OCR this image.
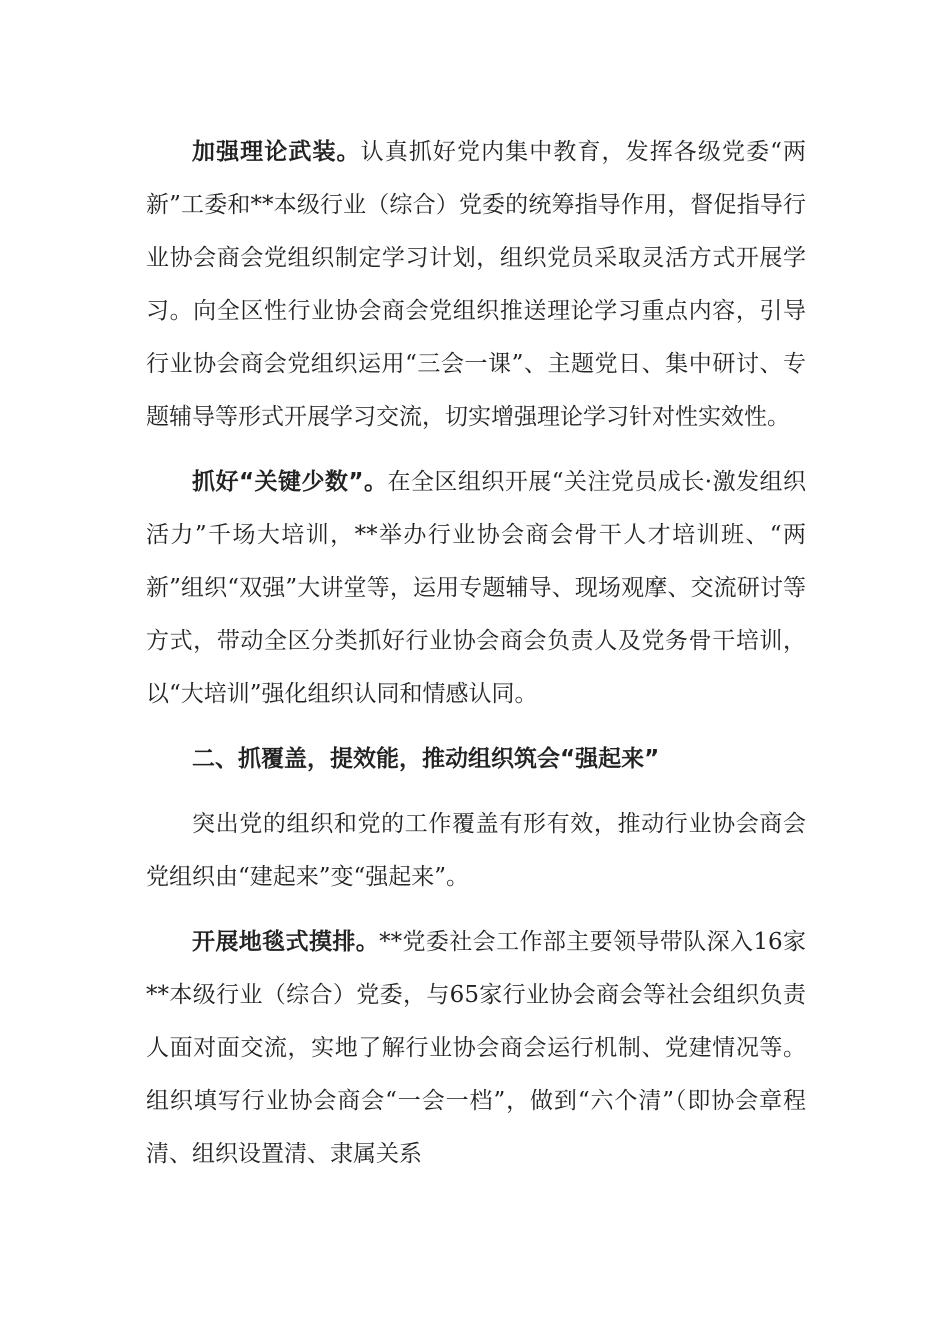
加强理论武装。认真抓好党内集中教育，发挥各级党委“两新”工委和**本级行业（综合）党委的统筹指导作用，督促指导行业协会商会党组织制定学习计划，组织党员采取灵活方式开展学习。向全区性行业协会商会党组织推送理论学习重点内容，引导行业协会商会党组织运用“三会一课”、主题党日、集中研讨、专题辅导等形式开展学习交流，切实增强理论学习针对性实效性。

抓好“关键少数”。在全区组织开展“关注党员成长·激发组织活力”千场大培训，**举办行业协会商会骨干人才培训班、“两新”组织“双强”大讲堂等，运用专题辅导、现场观摩、交流研讨等方式，带动全区分类抓好行业协会商会负责人及党务骨干培训，以“大培训”强化组织认同和情感认同。

二、抓覆盖，提效能，推动组织筑会“强起来”

突出党的组织和党的工作覆盖有形有效，推动行业协会商会党组织由“建起来”变“强起来”。

开展地毯式摸排。**党委社会工作部主要领导带队深入16家**本级行业（综合）党委，与65家行业协会商会等社会组织负责人面对面交流，实地了解行业协会商会运行机制、党建情况等。组织填写行业协会商会“一会一档”，做到“六个清”（即协会章程清、组织设置清、隶属关系
